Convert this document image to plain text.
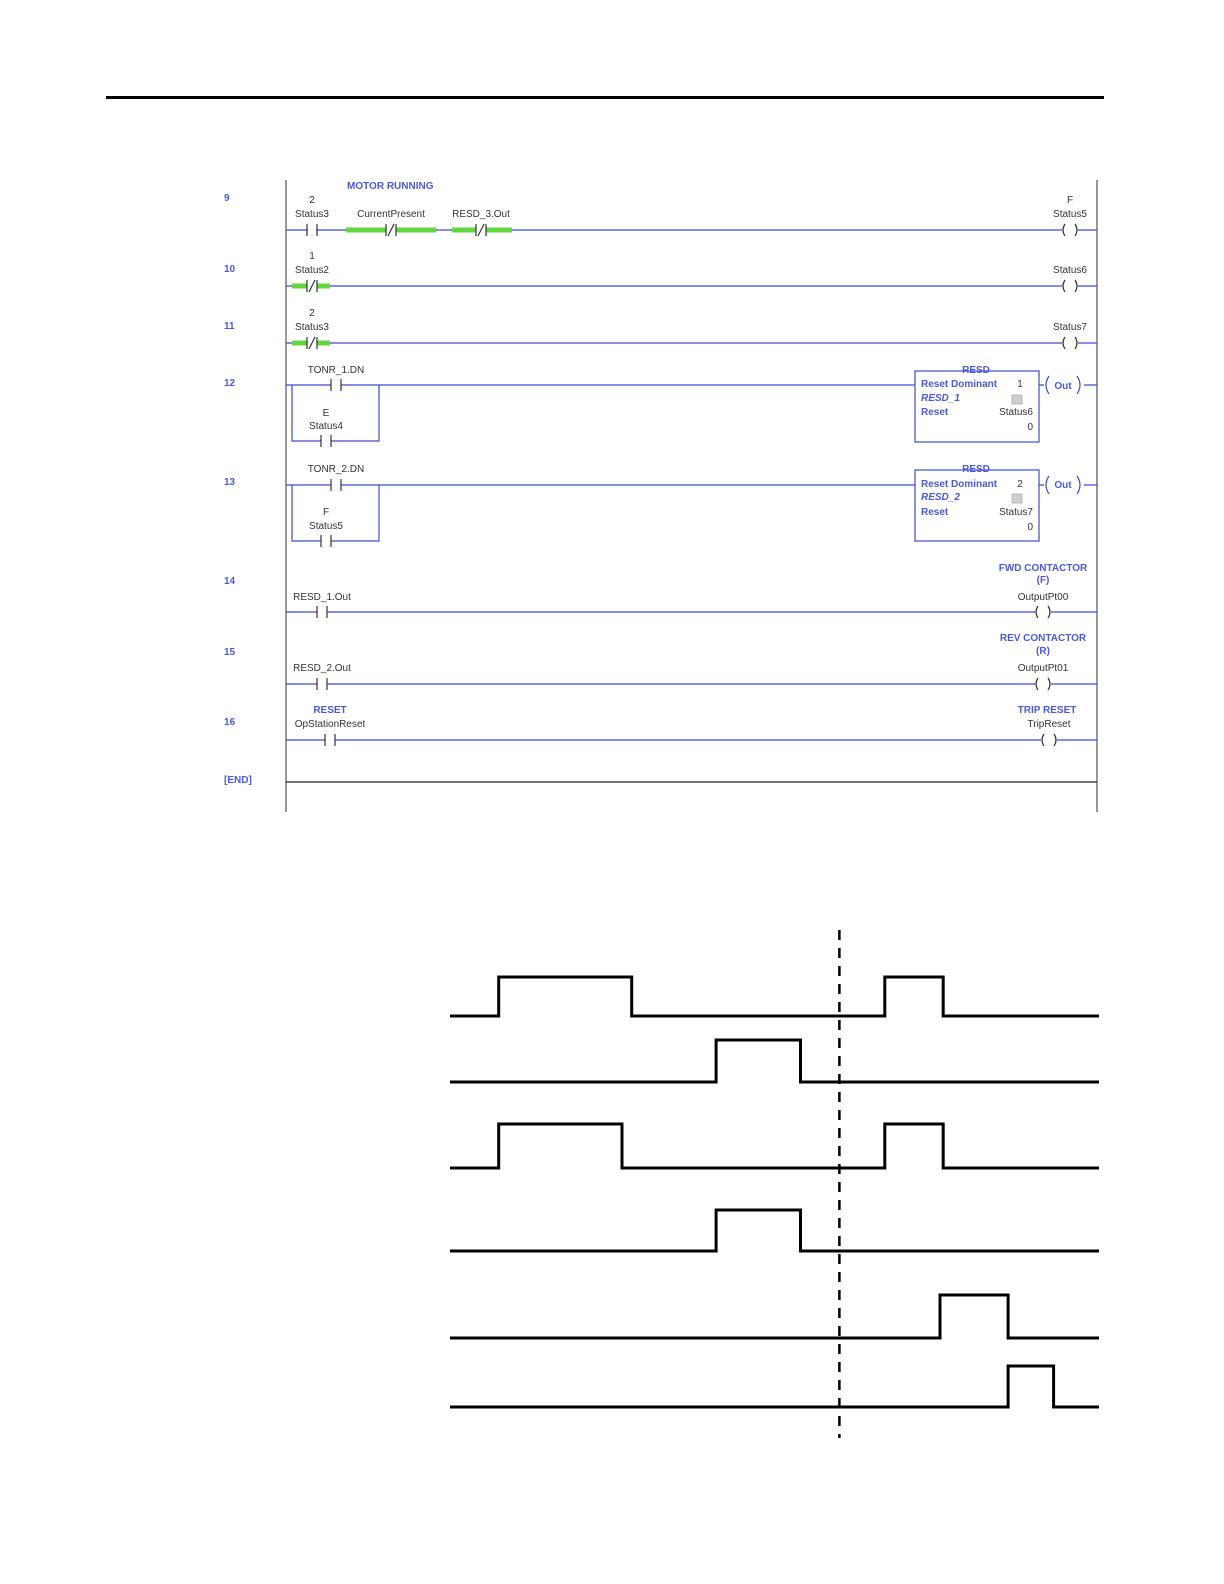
9
MOTOR RUNNING
2
Status3	CurrentPresent	RESD_3.Out
F
Status5
10
1
Status2	Status6
11
2
Status3	Status7
12
TONR_1.DN
E
Status4
RESD
Reset Dominant
RESD_1
Reset
1
Status6
0
Out
13
TONR_2.DN
F
Status5
RESD
Reset Dominant
RESD_2
Reset
2
Status7
0
Out
14
RESD_1.Out
FWD CONTACTOR
(F)
OutputPt00
15
RESD_2.Out
REV CONTACTOR
(R)
OutputPt01
16
RESET
OpStationReset
TRIP RESET
TripReset
[END]
